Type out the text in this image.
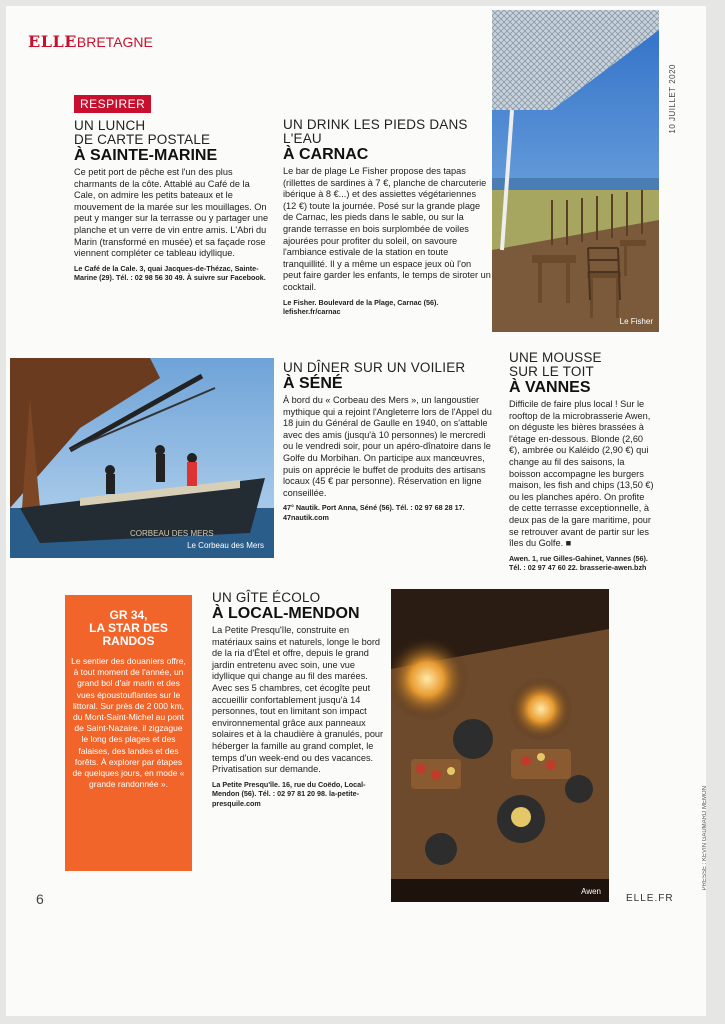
ELLEBRETAGNE
10 JUILLET 2020
PRESSE : KEVIN GAUMARD MEMON
RESPIRER
UN LUNCH
DE CARTE POSTALE
À SAINTE-MARINE
Ce petit port de pêche est l'un des plus charmants de la côte. Attablé au Café de la Cale, on admire les petits bateaux et le mouvement de la marée sur les mouillages. On peut y manger sur la terrasse ou y partager une planche et un verre de vin entre amis. L'Abri du Marin (transformé en musée) et sa façade rose viennent compléter ce tableau idyllique.
Le Café de la Cale. 3, quai Jacques-de-Thézac, Sainte-Marine (29). Tél. : 02 98 56 30 49. À suivre sur Facebook.
UN DRINK LES PIEDS DANS L'EAU
À CARNAC
Le bar de plage Le Fisher propose des tapas (rillettes de sardines à 7 €, planche de charcuterie ibérique à 8 €...) et des assiettes végétariennes (12 €) toute la journée. Posé sur la grande plage de Carnac, les pieds dans le sable, ou sur la grande terrasse en bois surplombée de voiles ajourées pour profiter du soleil, on savoure l'ambiance estivale de la station en toute tranquillité. Il y a même un espace jeux où l'on peut faire garder les enfants, le temps de siroter un cocktail.
Le Fisher. Boulevard de la Plage, Carnac (56). lefisher.fr/carnac
Le Fisher
CORBEAU DES MERS
Le Corbeau des Mers
UN DÎNER SUR UN VOILIER
À SÉNÉ
À bord du « Corbeau des Mers », un langoustier mythique qui a rejoint l'Angleterre lors de l'Appel du 18 juin du Général de Gaulle en 1940, on s'attable avec des amis (jusqu'à 10 personnes) le mercredi ou le vendredi soir, pour un apéro-dînatoire dans le Golfe du Morbihan. On participe aux manœuvres, puis on apprécie le buffet de produits des artisans locaux (45 € par personne). Réservation en ligne conseillée.
47° Nautik. Port Anna, Séné (56). Tél. : 02 97 68 28 17. 47nautik.com
UNE MOUSSE
SUR LE TOIT
À VANNES
Difficile de faire plus local ! Sur le rooftop de la microbrasserie Awen, on déguste les bières brassées à l'étage en-dessous. Blonde (2,60 €), ambrée ou Kaléido (2,90 €) qui change au fil des saisons, la boisson accompagne les burgers maison, les fish and chips (13,50 €) ou les planches apéro. On profite de cette terrasse exceptionnelle, à deux pas de la gare maritime, pour se retrouver avant de partir sur les îles du Golfe. ■
Awen. 1, rue Gilles-Gahinet, Vannes (56). Tél. : 02 97 47 60 22. brasserie-awen.bzh
GR 34,
LA STAR DES RANDOS
Le sentier des douaniers offre, à tout moment de l'année, un grand bol d'air marin et des vues époustouflantes sur le littoral. Sur près de 2 000 km, du Mont-Saint-Michel au pont de Saint-Nazaire, il zigzague le long des plages et des falaises, des landes et des forêts. À explorer par étapes de quelques jours, en mode « grande randonnée ».
UN GÎTE ÉCOLO
À LOCAL-MENDON
La Petite Presqu'île, construite en matériaux sains et naturels, longe le bord de la ria d'Étel et offre, depuis le grand jardin entretenu avec soin, une vue idyllique qui change au fil des marées. Avec ses 5 chambres, cet écogîte peut accueillir confortablement jusqu'à 14 personnes, tout en limitant son impact environnemental grâce aux panneaux solaires et à la chaudière à granulés, pour héberger la famille au grand complet, le temps d'un week-end ou des vacances. Privatisation sur demande.
La Petite Presqu'île. 16, rue du Coëdo, Local-Mendon (56). Tél. : 02 97 81 20 98. la-petite-presquile.com
Awen
6	ELLE.FR
